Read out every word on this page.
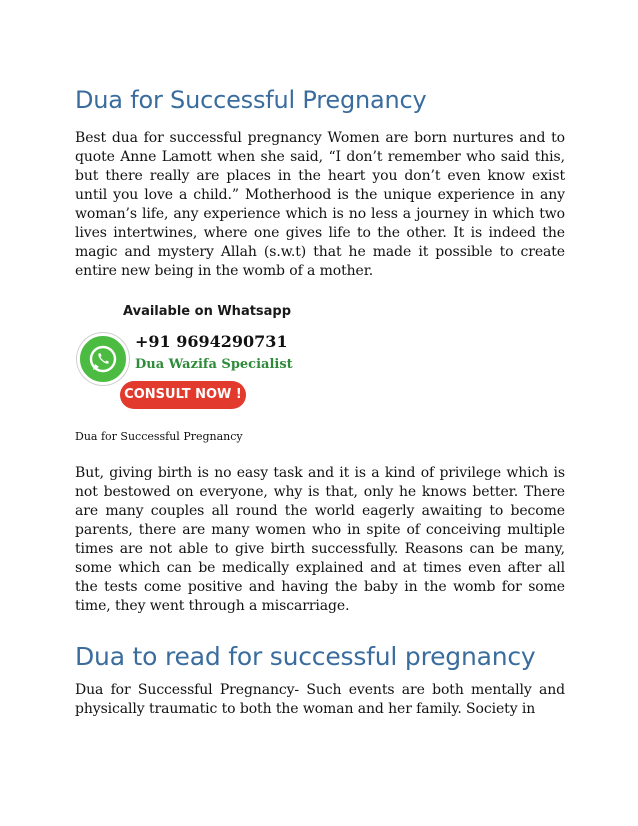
Dua for Successful Pregnancy

Best dua for successful pregnancy Women are born nurtures and to quote Anne Lamott when she said, “I don’t remember who said this, but there really are places in the heart you don’t even know exist until you love a child.” Motherhood is the unique experience in any woman’s life, any experience which is no less a journey in which two lives intertwines, where one gives life to the other. It is indeed the magic and mystery Allah (s.w.t) that he made it possible to create entire new being in the womb of a mother.

Available on Whatsapp
+91 9694290731
Dua Wazifa Specialist
CONSULT NOW !
Dua for Successful Pregnancy

But, giving birth is no easy task and it is a kind of privilege which is not bestowed on everyone, why is that, only he knows better. There are many couples all round the world eagerly awaiting to become parents, there are many women who in spite of conceiving multiple times are not able to give birth successfully. Reasons can be many, some which can be medically explained and at times even after all the tests come positive and having the baby in the womb for some time, they went through a miscarriage.

Dua to read for successful pregnancy

Dua for Successful Pregnancy- Such events are both mentally and physically traumatic to both the woman and her family. Society in
